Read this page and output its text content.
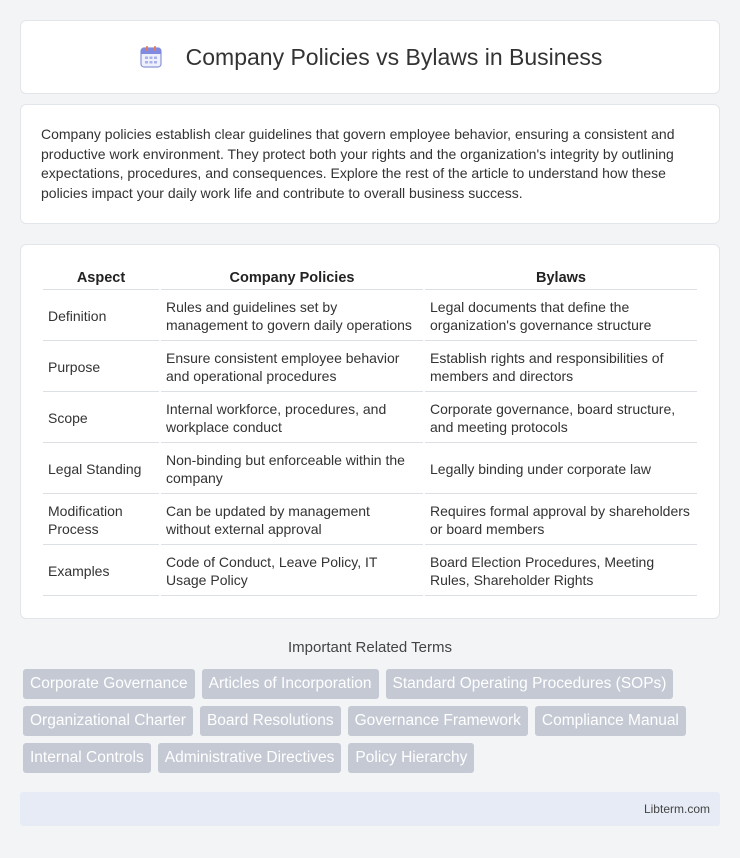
Company Policies vs Bylaws in Business

Company policies establish clear guidelines that govern employee behavior, ensuring a consistent and productive work environment. They protect both your rights and the organization's integrity by outlining expectations, procedures, and consequences. Explore the rest of the article to understand how these policies impact your daily work life and contribute to overall business success.

Aspect	Company Policies	Bylaws
Definition	Rules and guidelines set by management to govern daily operations	Legal documents that define the organization's governance structure
Purpose	Ensure consistent employee behavior and operational procedures	Establish rights and responsibilities of members and directors
Scope	Internal workforce, procedures, and workplace conduct	Corporate governance, board structure, and meeting protocols
Legal Standing	Non-binding but enforceable within the company	Legally binding under corporate law
Modification Process	Can be updated by management without external approval	Requires formal approval by shareholders or board members
Examples	Code of Conduct, Leave Policy, IT Usage Policy	Board Election Procedures, Meeting Rules, Shareholder Rights
Important Related Terms
Corporate Governance	Articles of Incorporation	Standard Operating Procedures (SOPs)
Organizational Charter	Board Resolutions	Governance Framework	Compliance Manual
Internal Controls	Administrative Directives	Policy Hierarchy
Libterm.com
